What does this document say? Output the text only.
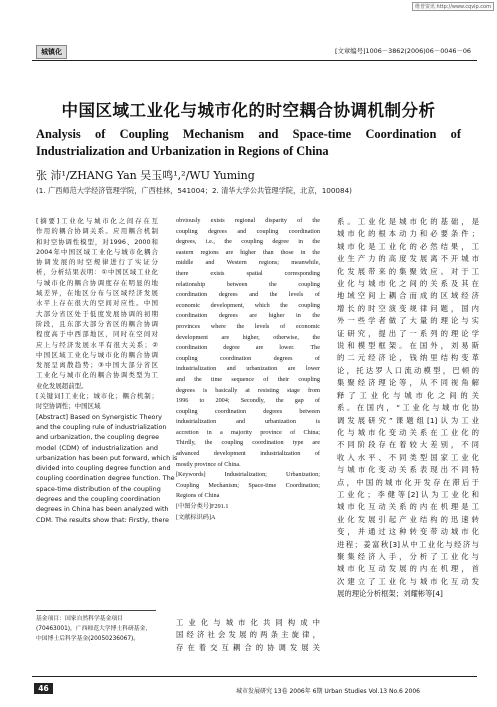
维普资讯 http://www.cqvip.com
城镇化	[文章编号]1006－3862(2006)06－0046－06
中国区域工业化与城市化的时空耦合协调机制分析
Analysis of Coupling Mechanism and Space-time Coordination of
Industrialization and Urbanization in Regions of China
张 沛¹/ZHANG Yan 吴玉鸣¹,²/WU Yuming
(1. 广西师范大学经济管理学院，广西桂林，541004；2. 清华大学公共管理学院，北京，100084)
[摘要]工业化与城市化之间存在互
作用的耦合协调关系。应用耦合机制
和时空协调性模型，对1996、2000和
2004年中国区域工业化与城市化耦合
协调发展的时空规律进行了实证分
析，分析结果表明：①中国区域工业化
与城市化的耦合协调度存在明显的地
域差异，在地区分布与区域经济发展
水平上存在很大的空间对应性。中国
大部分省区处于低度发展协调的初期
阶段，且东部大部分省区的耦合协调
程度高于中西部地区，同时在空间对
应上与经济发展水平有很大关系；②
中国区域工业化与城市化的耦合协调
发展呈离散趋势；③中国大部分省区
工业化与城市化的耦合协调类型为工
业化发展超前型。
[关键词]工业化；城市化；耦合机制；
时空协调性；中国区域
[Abstract] Based on Synergistic Theory
and the coupling rule of industrialization
and urbanization, the coupling degree
model (CDM) of industrialization and
urbanization has been put forward, which is
divided into coupling degree function and
coupling coordination degree function. The
space-time distribution of the coupling
degrees and the coupling coordination
degrees in China has been analyzed with
CDM. The results show that: Firstly, there
obviously exists regional disparity of the
coupling degrees and coupling coordination
degrees, i.e., the coupling degree in the
eastern regions are higher than those in the
middle and Western regions; meanwhile,
there exists spatial corresponding
relationship between the coupling
coordination degrees and the levels of
economic development, which the coupling
coordination degrees are higher in the
provinces where the levels of economic
development are higher, otherwise, the
coordination degree are lower. The
coupling coordination degrees of
industrialization and urbanization are lower
and the time sequence of their coupling
degrees is basically at resisting stage from
1996 to 2004; Secondly, the gap of
coupling coordination degrees between
industrialization and urbanization is
accretion in a majority province of China;
Thirdly, the coupling coordination type are
advanced development industrialization of
mostly province of China.
[Keywords] Industrialization; Urbanization;
Coupling Mechanism; Space-time Coordination;
Regions of China
[中图分类号]F291.1
[文献标识码]A
工业化与城市化共同构成中
国经济社会发展的两条主旋律，
存在着交互耦合的协调发展关
系。工业化是城市化的基础，是
城市化的根本动力和必要条件；
城市化是工业化的必然结果，工
业生产力的高度发展离不开城市
化发展带来的集聚效应。对于工
业化与城市化之间的关系及其在
地域空间上耦合而成的区域经济
增长的时空演变规律问题，国内
外一些学者做了大量的理论与实
证研究，提出了一系列的理论学
说和模型框架。在国外，刘易斯
的二元经济论，钱纳里结构变革
论，托达罗人口流动模型，巴顿的
集聚经济理论等，从不同视角解
释了工业化与城市化之间的关
系。在国内，“工业化与城市化协
调发展研究”课题组[1]认为工业
化与城市化变动关系在工业化的
不同阶段存在着较大差别，不同
收入水平、不同类型国家工业化
与城市化变动关系表现出不同特
点，中国的城市化开发存在滞后于
工业化；李健等[2]认为工业化和
城市化互动关系的内在机理是工
业化发展引起产业结构的迅速转
变，并通过这种转变带动城市化
进程；姜富秋[3]从中工业化与经济与
聚集经济入手，分析了工业化与
城市化互动发展的内在机理，首
次建立了工业化与城市化互动发
展的理论分析框架；刘耀彬等[4]
基金项目：国家自然科学基金项目
(70463001)，广西师范大学博士科研基金，
中国博士后科学基金(20050236067)。
46	城市发展研究 13卷 2006年 6期 Urban Studies Vol.13 No.6 2006
